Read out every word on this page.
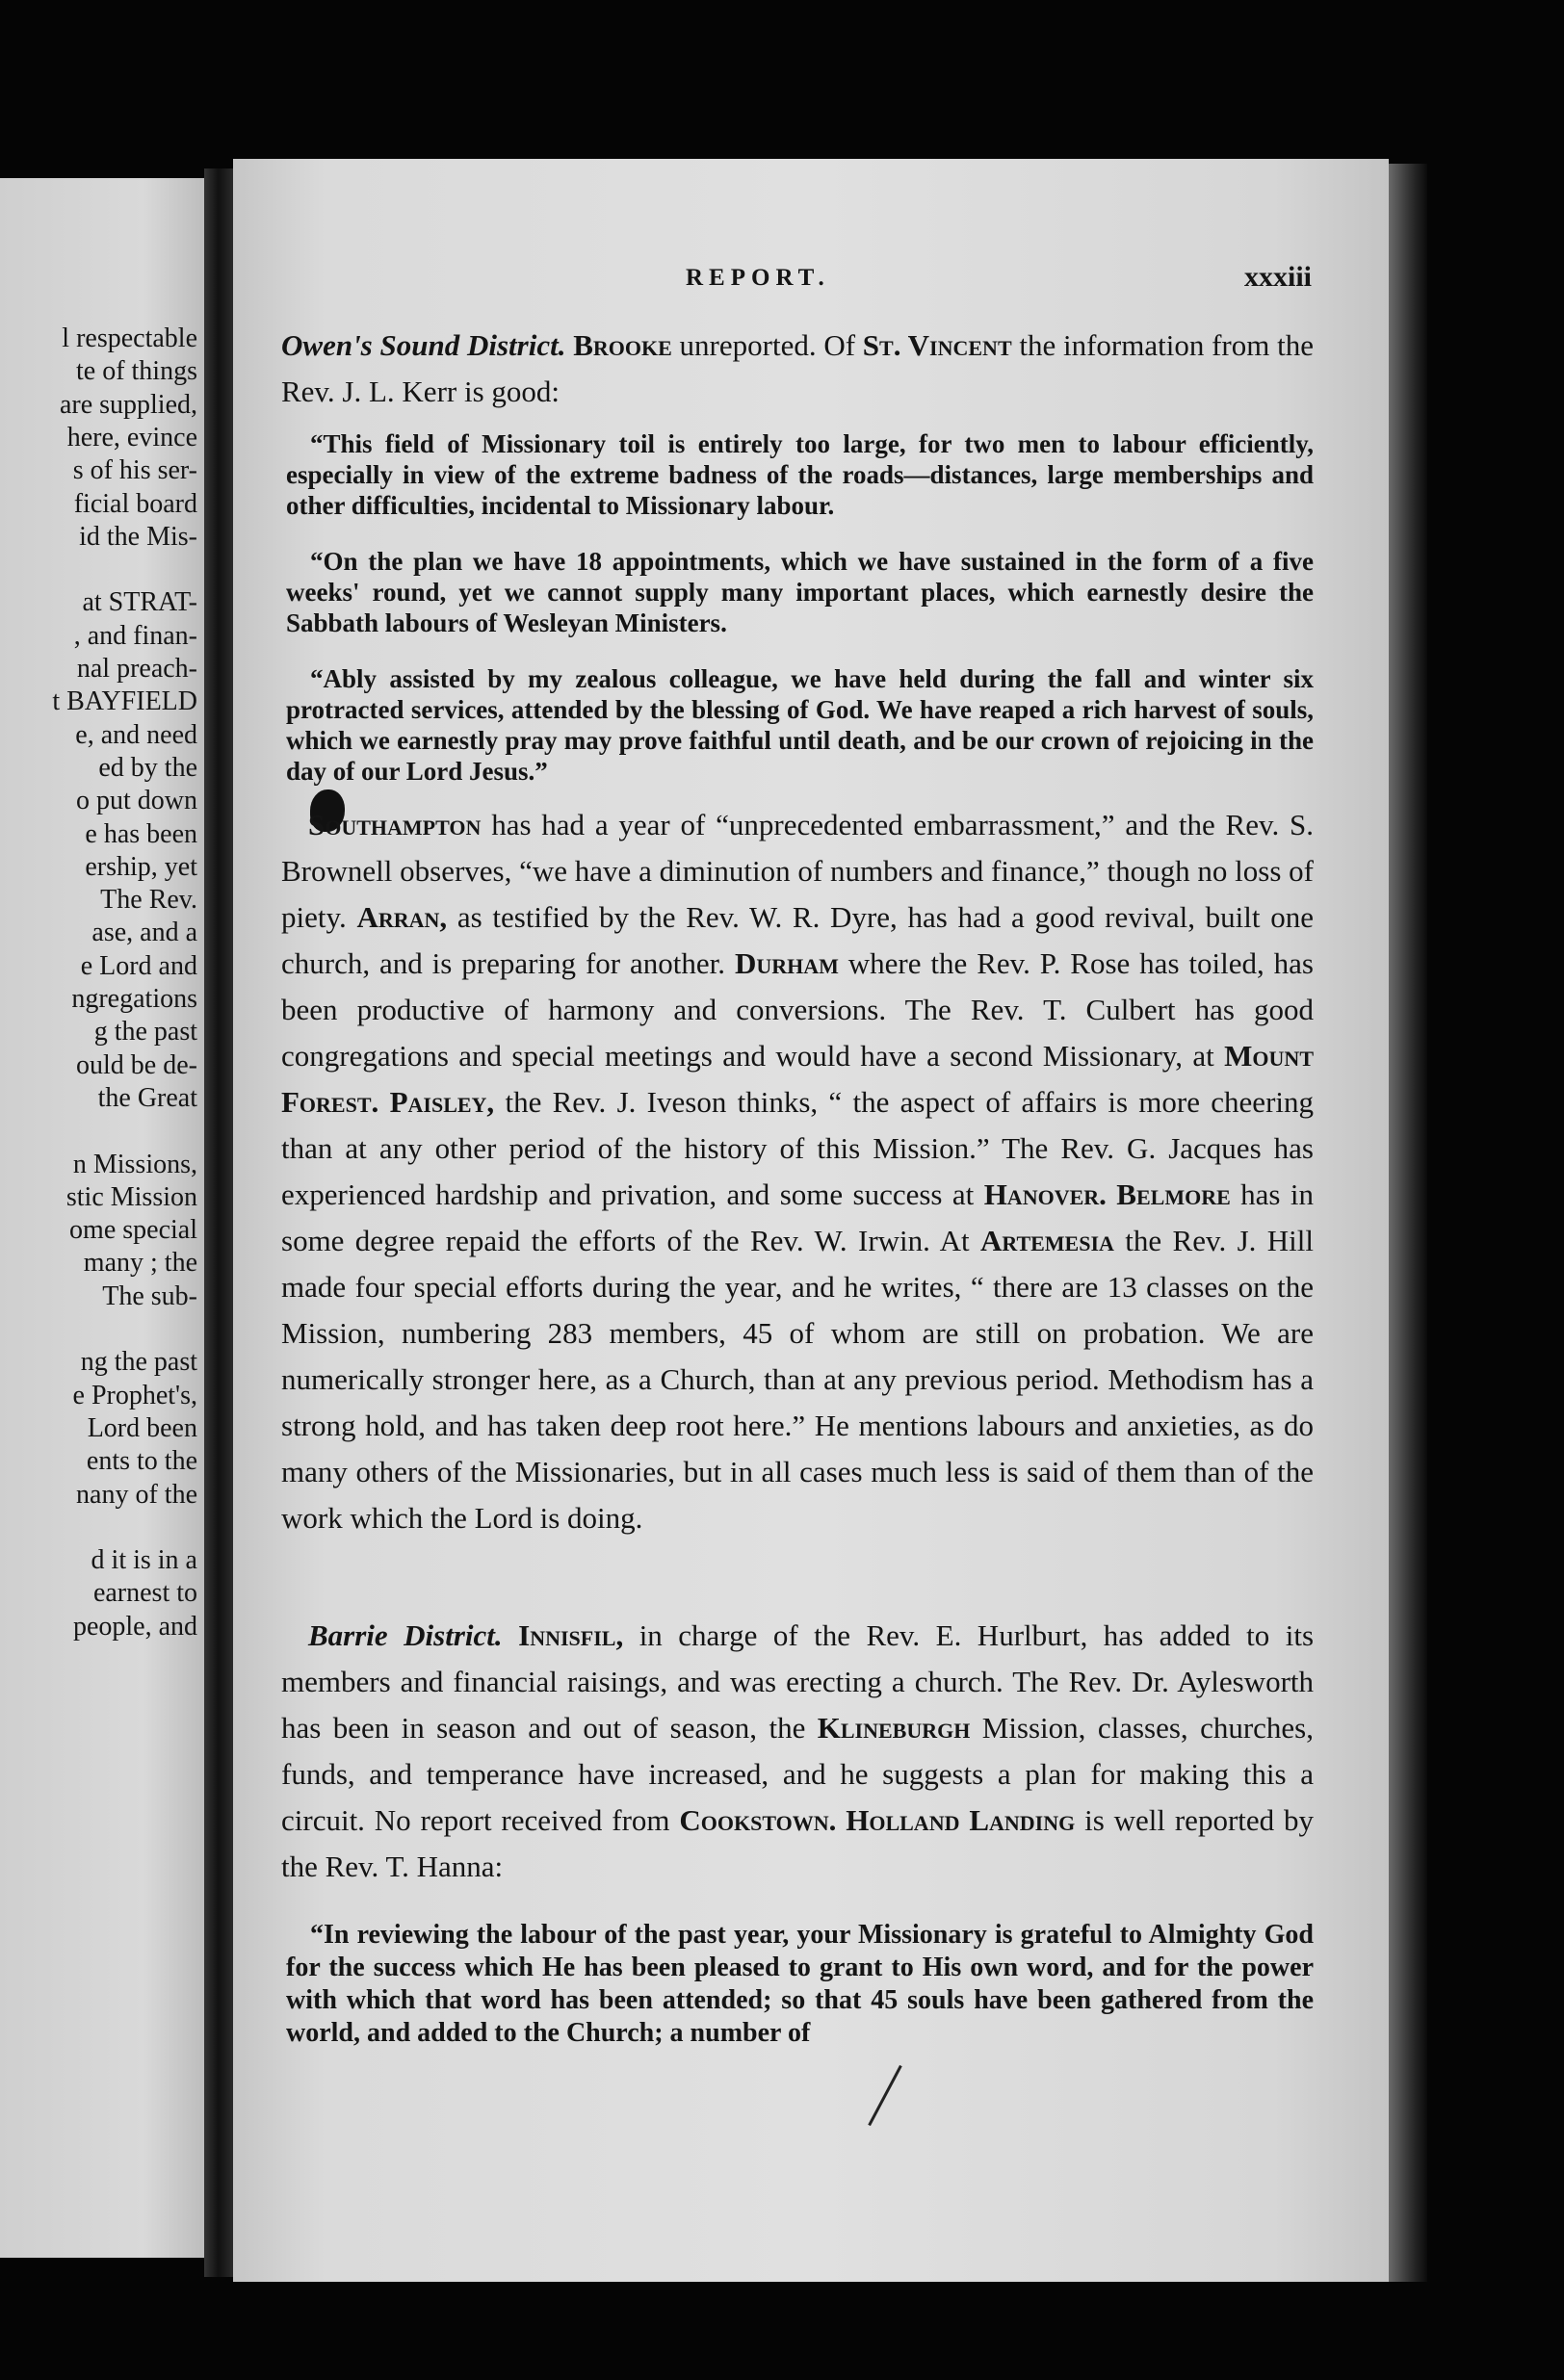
l respectable
te of things
are supplied,
here, evince
s of his ser-
ficial board
id the Mis-
at STRAT-
, and finan-
nal preach-
t BAYFIELD
e, and need
ed by the
o put down
e has been
ership, yet
The Rev.
ase, and a
e Lord and
ngregations
g the past
ould be de-
the Great
n Missions,
stic Mission
ome special
many ; the
The sub-
ng the past
e Prophet's,
Lord been
ents to the
nany of the
d it is in a
earnest to
people, and
REPORT.	xxxiii

Owen's Sound District. Brooke unreported. Of St. Vincent the information from the Rev. J. L. Kerr is good:

“This field of Missionary toil is entirely too large, for two men to labour efficiently, especially in view of the extreme badness of the roads—distances, large memberships and other difficulties, incidental to Missionary labour.

“On the plan we have 18 appointments, which we have sustained in the form of a five weeks' round, yet we cannot supply many important places, which earnestly desire the Sabbath labours of Wesleyan Ministers.

“Ably assisted by my zealous colleague, we have held during the fall and winter six protracted services, attended by the blessing of God. We have reaped a rich harvest of souls, which we earnestly pray may prove faithful until death, and be our crown of rejoicing in the day of our Lord Jesus.”

Southampton has had a year of “unprecedented embarrassment,” and the Rev. S. Brownell observes, “we have a diminution of numbers and finance,” though no loss of piety. Arran, as testified by the Rev. W. R. Dyre, has had a good revival, built one church, and is preparing for another. Durham where the Rev. P. Rose has toiled, has been productive of harmony and conversions. The Rev. T. Culbert has good congregations and special meetings and would have a second Missionary, at Mount Forest. Paisley, the Rev. J. Iveson thinks, “ the aspect of affairs is more cheering than at any other period of the history of this Mission.” The Rev. G. Jacques has experienced hardship and privation, and some success at Hanover. Belmore has in some degree repaid the efforts of the Rev. W. Irwin. At Artemesia the Rev. J. Hill made four special efforts during the year, and he writes, “ there are 13 classes on the Mission, numbering 283 members, 45 of whom are still on probation. We are numerically stronger here, as a Church, than at any previous period. Methodism has a strong hold, and has taken deep root here.” He mentions labours and anxieties, as do many others of the Missionaries, but in all cases much less is said of them than of the work which the Lord is doing.

Barrie District. Innisfil, in charge of the Rev. E. Hurlburt, has added to its members and financial raisings, and was erecting a church. The Rev. Dr. Aylesworth has been in season and out of season, the Klineburgh Mission, classes, churches, funds, and temperance have increased, and he suggests a plan for making this a circuit. No report received from Cookstown. Holland Landing is well reported by the Rev. T. Hanna:

“In reviewing the labour of the past year, your Missionary is grateful to Almighty God for the success which He has been pleased to grant to His own word, and for the power with which that word has been attended; so that 45 souls have been gathered from the world, and added to the Church; a number of
